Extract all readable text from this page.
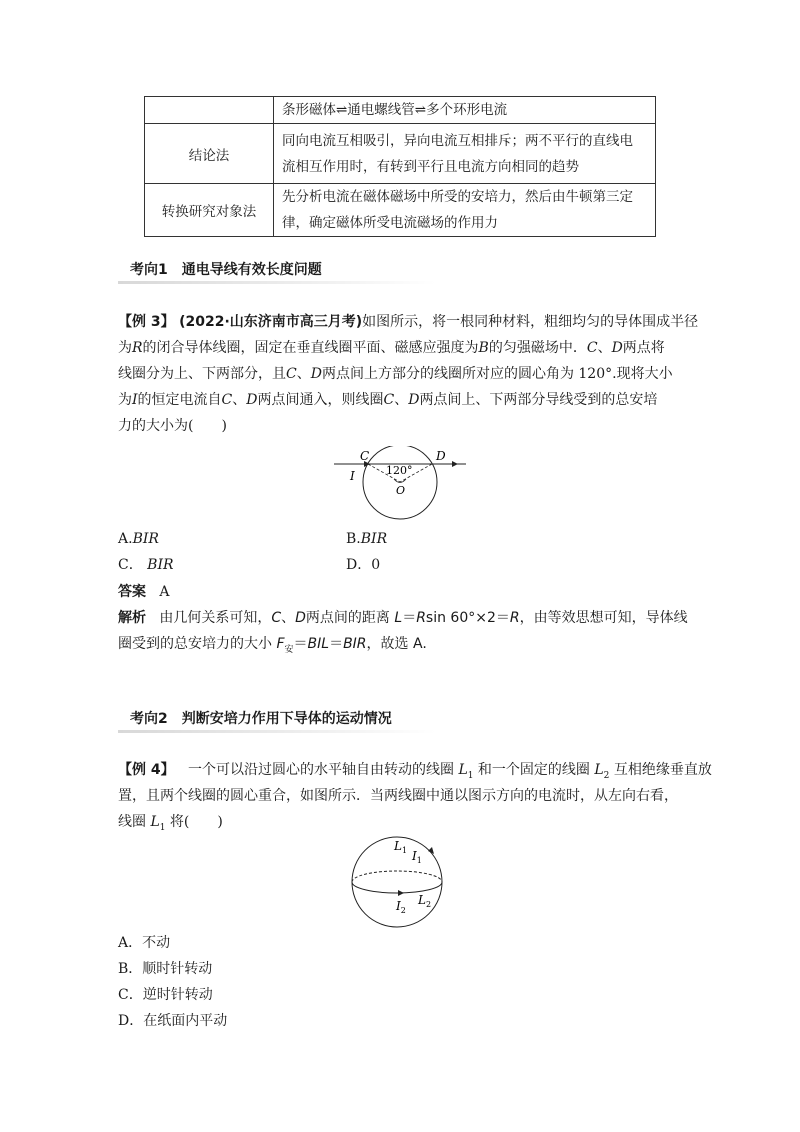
	条形磁体⇌通电螺线管⇌多个环形电流
结论法	同向电流互相吸引，异向电流互相排斥；两不平行的直线电
流相互作用时，有转到平行且电流方向相同的趋势

转换研究对象法	先分析电流在磁体磁场中所受的安培力，然后由牛顿第三定
律，确定磁体所受电流磁场的作用力
考向1　通电导线有效长度问题
【例 3】 (2022·山东济南市高三月考)如图所示，将一根同种材料，粗细均匀的导体围成半径
为R的闭合导体线圈，固定在垂直线圈平面、磁感应强度为B的匀强磁场中．C、D两点将
线圈分为上、下两部分，且C、D两点间上方部分的线圈所对应的圆心角为 120°.现将大小
为I的恒定电流自C、D两点间通入，则线圈C、D两点间上、下两部分导线受到的总安培
力的大小为(　　)
C	D
I	120°
O
A.BIR	B.BIR
C． BIR	D．0
答案 A
解析 由几何关系可知，C、D两点间的距离 L＝Rsin 60°×2＝R，由等效思想可知，导体线
圈受到的总安培力的大小 $F_安=BIL=BIR$，故选 A.
考向2　判断安培力作用下导体的运动情况
【例 4】 一个可以沿过圆心的水平轴自由转动的线圈 $L_1$ 和一个固定的线圈 $L_2$ 互相绝缘垂直放
置，且两个线圈的圆心重合，如图所示．当两线圈中通以图示方向的电流时，从左向右看，
线圈 $L_1$ 将(　　)
$L_1$ $I_1$
$I_2$
$L_2$
A．不动
B．顺时针转动
C．逆时针转动
D．在纸面内平动
